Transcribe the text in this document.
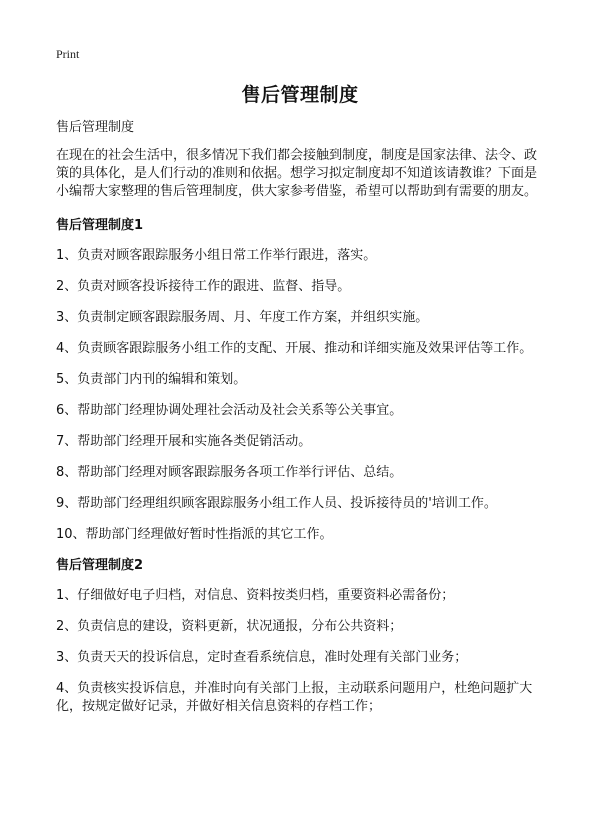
Print
售后管理制度

售后管理制度

在现在的社会生活中，很多情况下我们都会接触到制度，制度是国家法律、法令、政策的具体化，是人们行动的准则和依据。想学习拟定制度却不知道该请教谁？下面是小编帮大家整理的售后管理制度，供大家参考借鉴，希望可以帮助到有需要的朋友。

售后管理制度1

1、负责对顾客跟踪服务小组日常工作举行跟进，落实。

2、负责对顾客投诉接待工作的跟进、监督、指导。

3、负责制定顾客跟踪服务周、月、年度工作方案，并组织实施。

4、负责顾客跟踪服务小组工作的支配、开展、推动和详细实施及效果评估等工作。

5、负责部门内刊的编辑和策划。

6、帮助部门经理协调处理社会活动及社会关系等公关事宜。

7、帮助部门经理开展和实施各类促销活动。

8、帮助部门经理对顾客跟踪服务各项工作举行评估、总结。

9、帮助部门经理组织顾客跟踪服务小组工作人员、投诉接待员的'培训工作。

10、帮助部门经理做好暂时性指派的其它工作。

售后管理制度2

1、仔细做好电子归档，对信息、资料按类归档，重要资料必需备份；

2、负责信息的建设，资料更新，状况通报，分布公共资料；

3、负责天天的投诉信息，定时查看系统信息，准时处理有关部门业务；

4、负责核实投诉信息，并准时向有关部门上报，主动联系问题用户，杜绝问题扩大化，按规定做好记录，并做好相关信息资料的存档工作；
